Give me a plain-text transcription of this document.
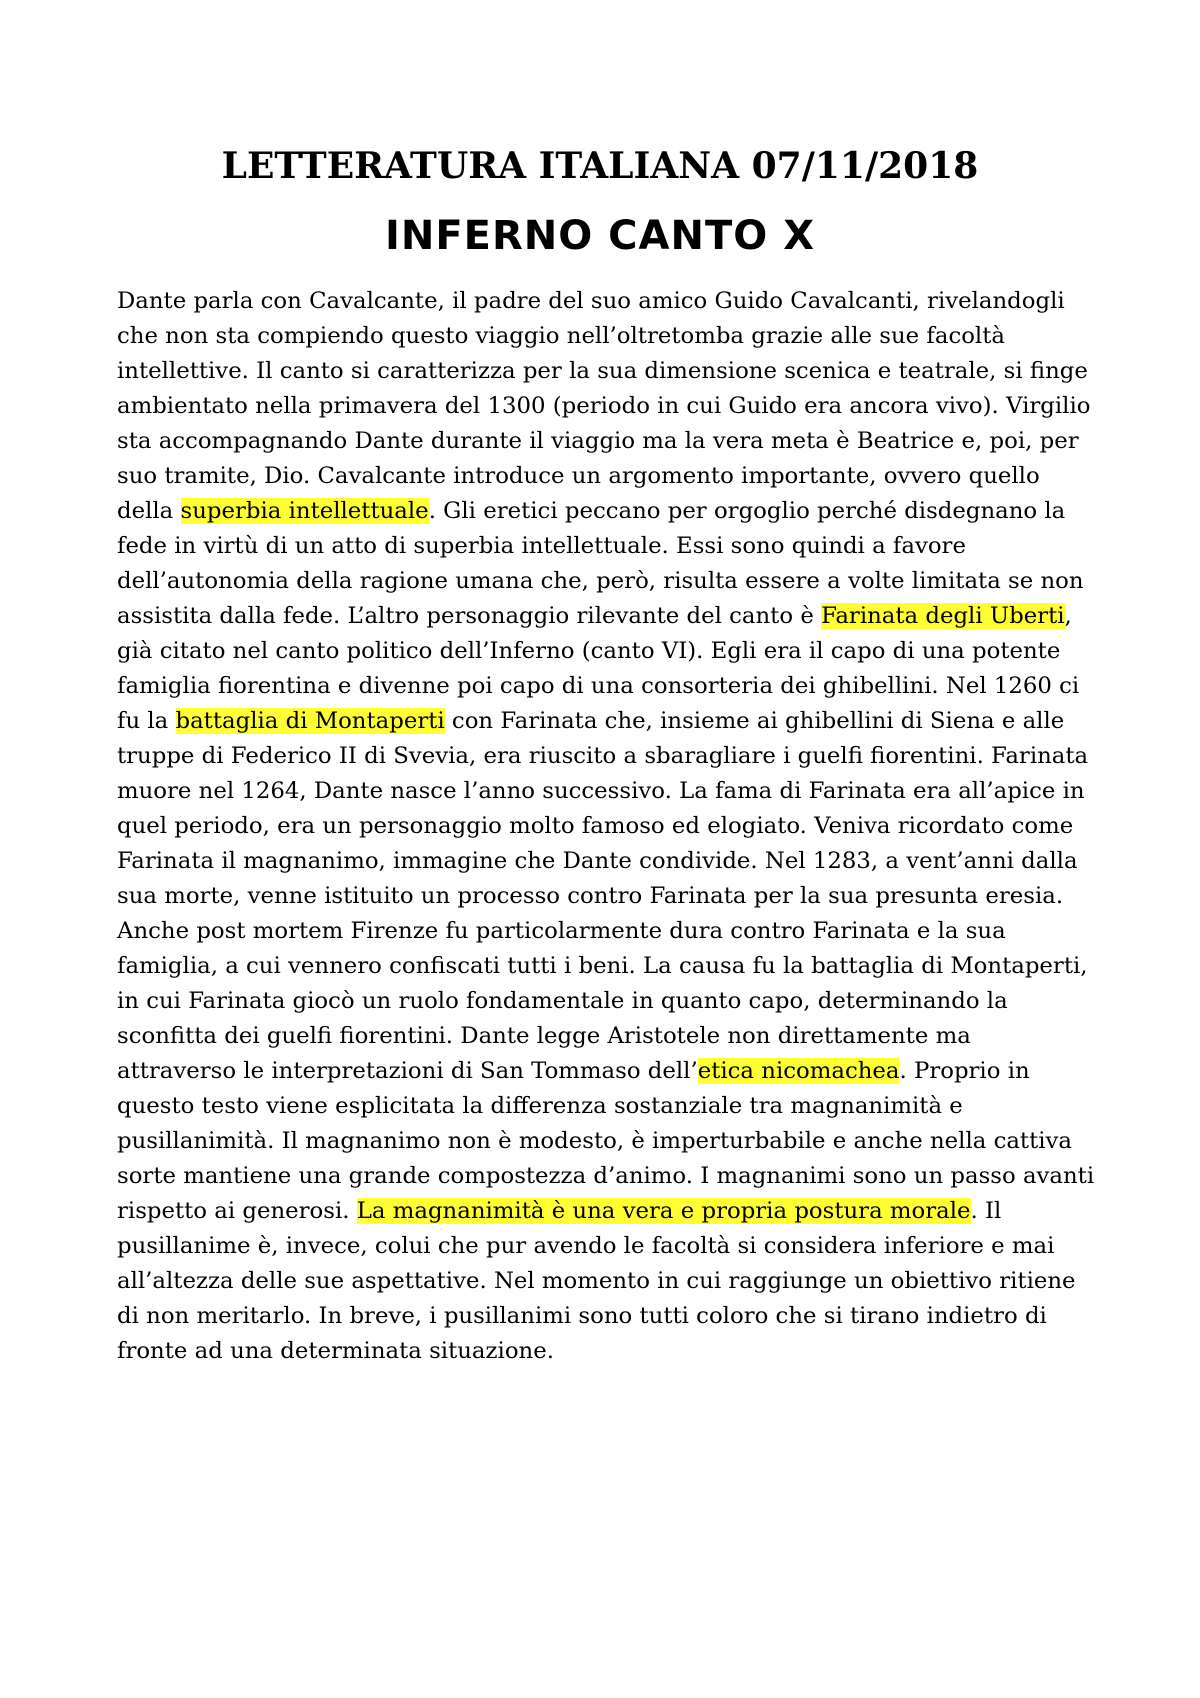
LETTERATURA ITALIANA 07/11/2018
INFERNO CANTO X

Dante parla con Cavalcante, il padre del suo amico Guido Cavalcanti, rivelandogli che non sta compiendo questo viaggio nell’oltretomba grazie alle sue facoltà intellettive. Il canto si caratterizza per la sua dimensione scenica e teatrale, si finge ambientato nella primavera del 1300 (periodo in cui Guido era ancora vivo). Virgilio sta accompagnando Dante durante il viaggio ma la vera meta è Beatrice e, poi, per suo tramite, Dio. Cavalcante introduce un argomento importante, ovvero quello della superbia intellettuale. Gli eretici peccano per orgoglio perché disdegnano la fede in virtù di un atto di superbia intellettuale. Essi sono quindi a favore dell’autonomia della ragione umana che, però, risulta essere a volte limitata se non assistita dalla fede. L’altro personaggio rilevante del canto è Farinata degli Uberti, già citato nel canto politico dell’Inferno (canto VI). Egli era il capo di una potente famiglia fiorentina e divenne poi capo di una consorteria dei ghibellini. Nel 1260 ci fu la battaglia di Montaperti con Farinata che, insieme ai ghibellini di Siena e alle truppe di Federico II di Svevia, era riuscito a sbaragliare i guelfi fiorentini. Farinata muore nel 1264, Dante nasce l’anno successivo. La fama di Farinata era all’apice in quel periodo, era un personaggio molto famoso ed elogiato. Veniva ricordato come Farinata il magnanimo, immagine che Dante condivide. Nel 1283, a vent’anni dalla sua morte, venne istituito un processo contro Farinata per la sua presunta eresia. Anche post mortem Firenze fu particolarmente dura contro Farinata e la sua famiglia, a cui vennero confiscati tutti i beni. La causa fu la battaglia di Montaperti, in cui Farinata giocò un ruolo fondamentale in quanto capo, determinando la sconfitta dei guelfi fiorentini. Dante legge Aristotele non direttamente ma attraverso le interpretazioni di San Tommaso dell’etica nicomachea. Proprio in questo testo viene esplicitata la differenza sostanziale tra magnanimità e pusillanimità. Il magnanimo non è modesto, è imperturbabile e anche nella cattiva sorte mantiene una grande compostezza d’animo. I magnanimi sono un passo avanti rispetto ai generosi. La magnanimità è una vera e propria postura morale. Il pusillanime è, invece, colui che pur avendo le facoltà si considera inferiore e mai all’altezza delle sue aspettative. Nel momento in cui raggiunge un obiettivo ritiene di non meritarlo. In breve, i pusillanimi sono tutti coloro che si tirano indietro di fronte ad una determinata situazione.
